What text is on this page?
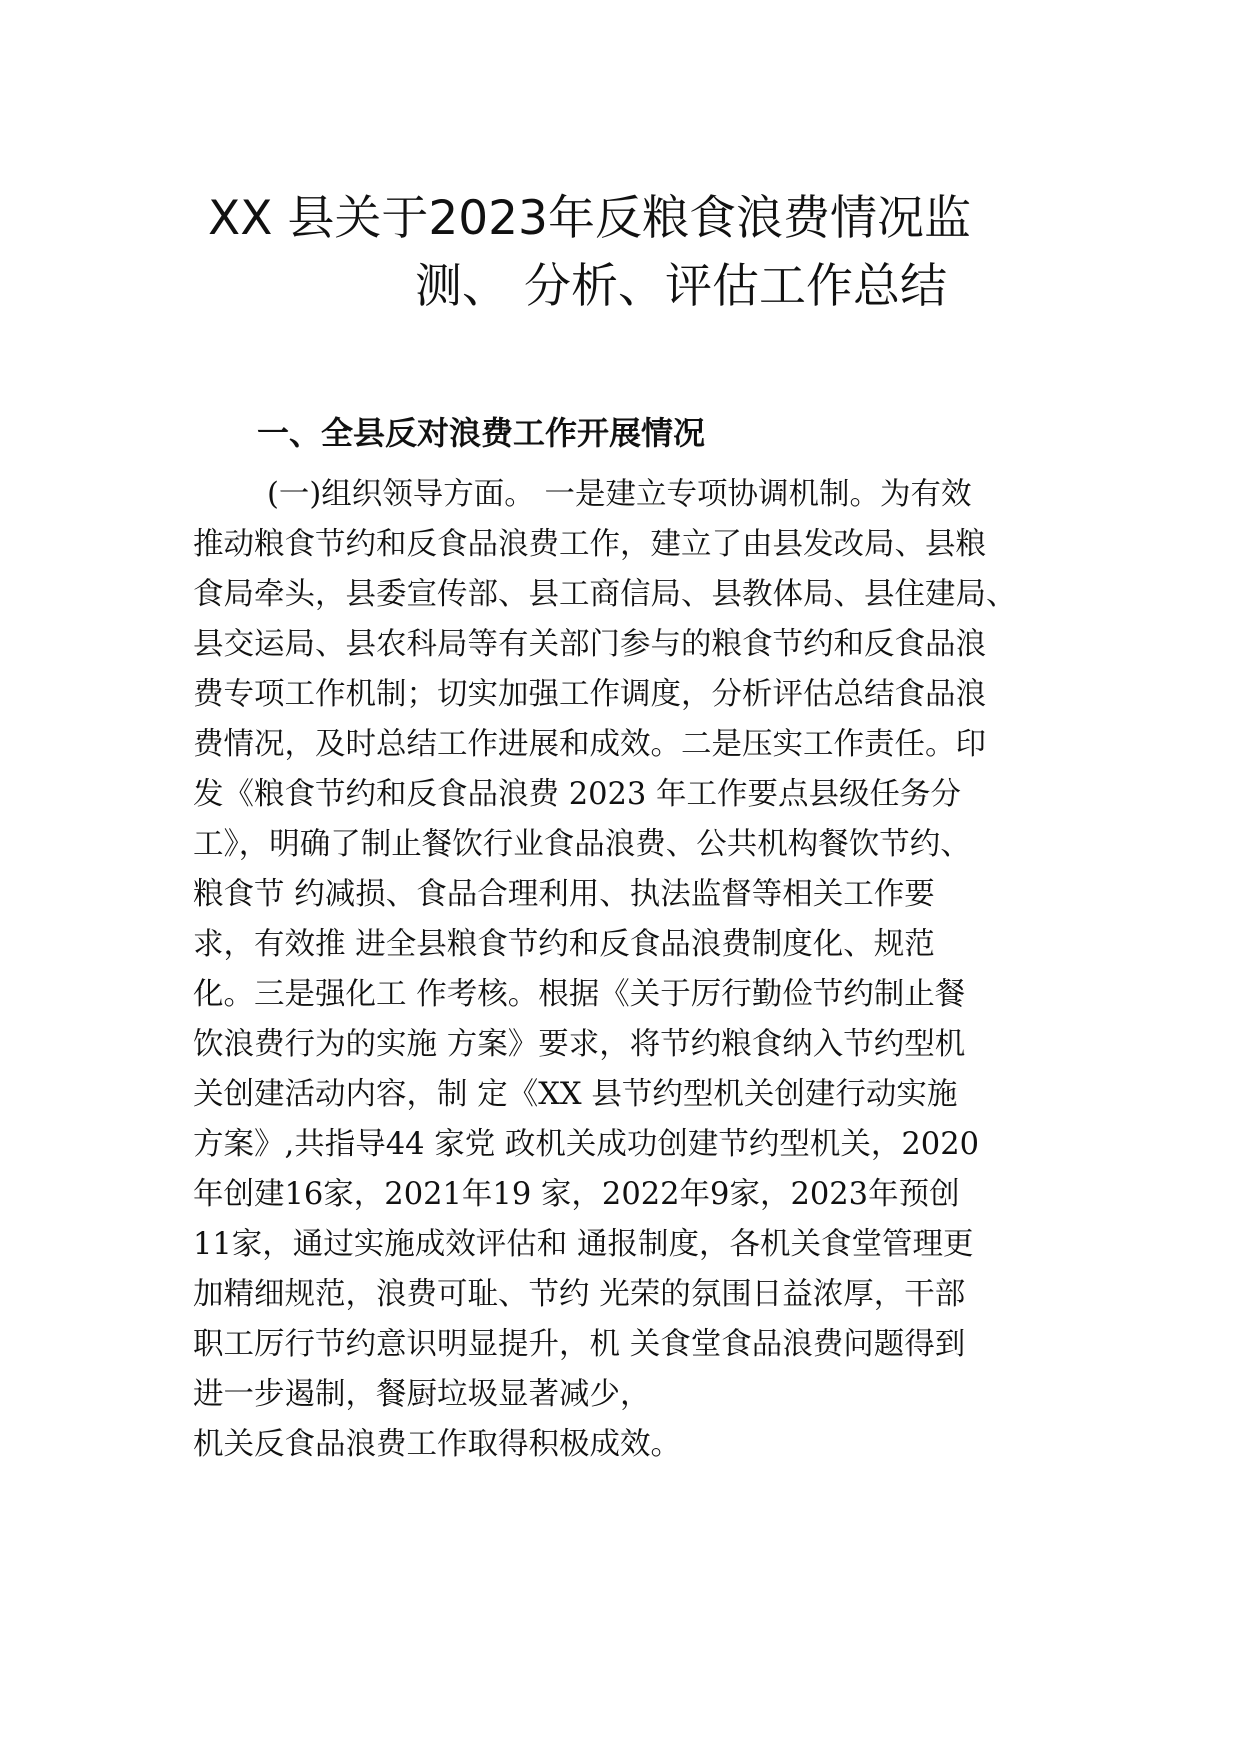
XX 县关于2023年反粮食浪费情况监
测、 分析、评估工作总结
一、全县反对浪费工作开展情况
(一)组织领导方面。 一是建立专项协调机制。为有效
推动粮食节约和反食品浪费工作，建立了由县发改局、县粮
食局牵头，县委宣传部、县工商信局、县教体局、县住建局、
县交运局、县农科局等有关部门参与的粮食节约和反食品浪
费专项工作机制；切实加强工作调度，分析评估总结食品浪
费情况，及时总结工作进展和成效。二是压实工作责任。印
发《粮食节约和反食品浪费 2023 年工作要点县级任务分
工》，明确了制止餐饮行业食品浪费、公共机构餐饮节约、
粮食节 约减损、食品合理利用、执法监督等相关工作要
求，有效推 进全县粮食节约和反食品浪费制度化、规范
化。三是强化工 作考核。根据《关于厉行勤俭节约制止餐
饮浪费行为的实施 方案》要求，将节约粮食纳入节约型机
关创建活动内容，制 定《XX 县节约型机关创建行动实施
方案》,共指导44 家党 政机关成功创建节约型机关，2020
年创建16家，2021年19 家，2022年9家，2023年预创
11家，通过实施成效评估和 通报制度，各机关食堂管理更
加精细规范，浪费可耻、节约 光荣的氛围日益浓厚，干部
职工厉行节约意识明显提升，机 关食堂食品浪费问题得到
进一步遏制，餐厨垃圾显著减少，
机关反食品浪费工作取得积极成效。
